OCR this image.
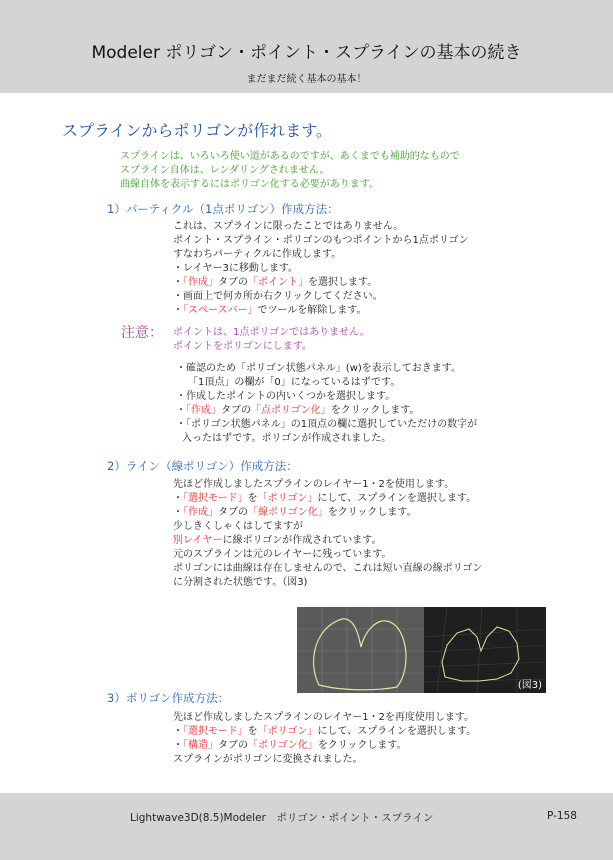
Modeler ポリゴン・ポイント・スプラインの基本の続き
まだまだ続く基本の基本！
スプラインからポリゴンが作れます。
スプラインは、いろいろ使い道があるのですが、あくまでも補助的なもので
スプライン自体は、レンダリングされません。
曲線自体を表示するにはポリゴン化する必要があります。
1）パーティクル（1点ポリゴン）作成方法：
これは、スプラインに限ったことではありません。
ポイント・スプライン・ポリゴンのもつポイントから1点ポリゴン
すなわちパーティクルに作成します。
・レイヤー3に移動します。
・「作成」タブの「ポイント」を選択します。
・画面上で何カ所か右クリックしてください。
・「スペースバー」でツールを解除します。
注意： ポイントは、1点ポリゴンではありません。
ポイントをポリゴンにします。
・確認のため「ポリゴン状態パネル」(w)を表示しておきます。
「1頂点」の欄が「0」になっているはずです。
・作成したポイントの内いくつかを選択します。
・「作成」タブの「点ポリゴン化」をクリックします。
・「ポリゴン状態パネル」の1頂点の欄に選択していただけの数字が
入ったはずです。ポリゴンが作成されました。
2）ライン（線ポリゴン）作成方法：
先ほど作成しましたスプラインのレイヤー1・2を使用します。
・「選択モード」を「ポリゴン」にして、スプラインを選択します。
・「作成」タブの「線ポリゴン化」をクリックします。
少しきくしゃくはしてますが
別レイヤーに線ポリゴンが作成されています。
元のスプラインは元のレイヤーに残っています。
ポリゴンには曲線は存在しませんので、これは短い直線の線ポリゴン
に分割された状態です。（図3)
(図3)
3）ポリゴン作成方法：
先ほど作成しましたスプラインのレイヤー1・2を再度使用します。
・「選択モード」を「ポリゴン」にして、スプラインを選択します。
・「構造」タブの「ポリゴン化」をクリックします。
スプラインがポリゴンに変換されました。
Lightwave3D(8.5)Modeler　ポリゴン・ポイント・スプライン	P-158
